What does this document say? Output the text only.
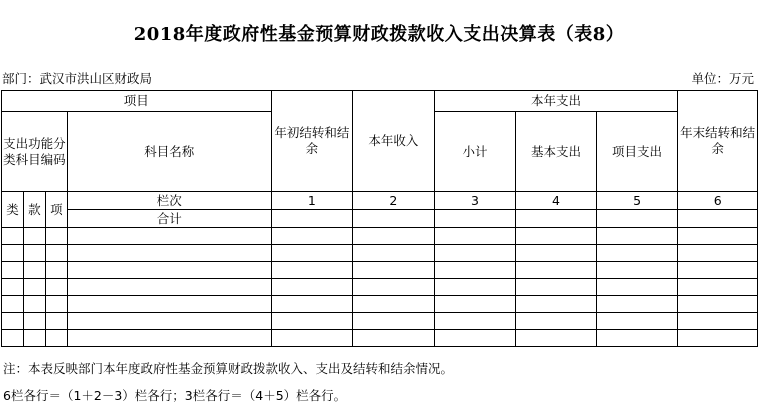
2018年度政府性基金预算财政拨款收入支出决算表（表8）
部门：武汉市洪山区财政局	单位：万元
项目				年初结转和结余	本年收入	本年支出			年末结转和结余
支出功能分类科目编码			科目名称			小计	基本支出	项目支出	

类	款	项	栏次	1	2	3	4	5	6
			合计						

注：本表反映部门本年度政府性基金预算财政拨款收入、支出及结转和结余情况。
6栏各行＝（1＋2－3）栏各行；3栏各行＝（4＋5）栏各行。
